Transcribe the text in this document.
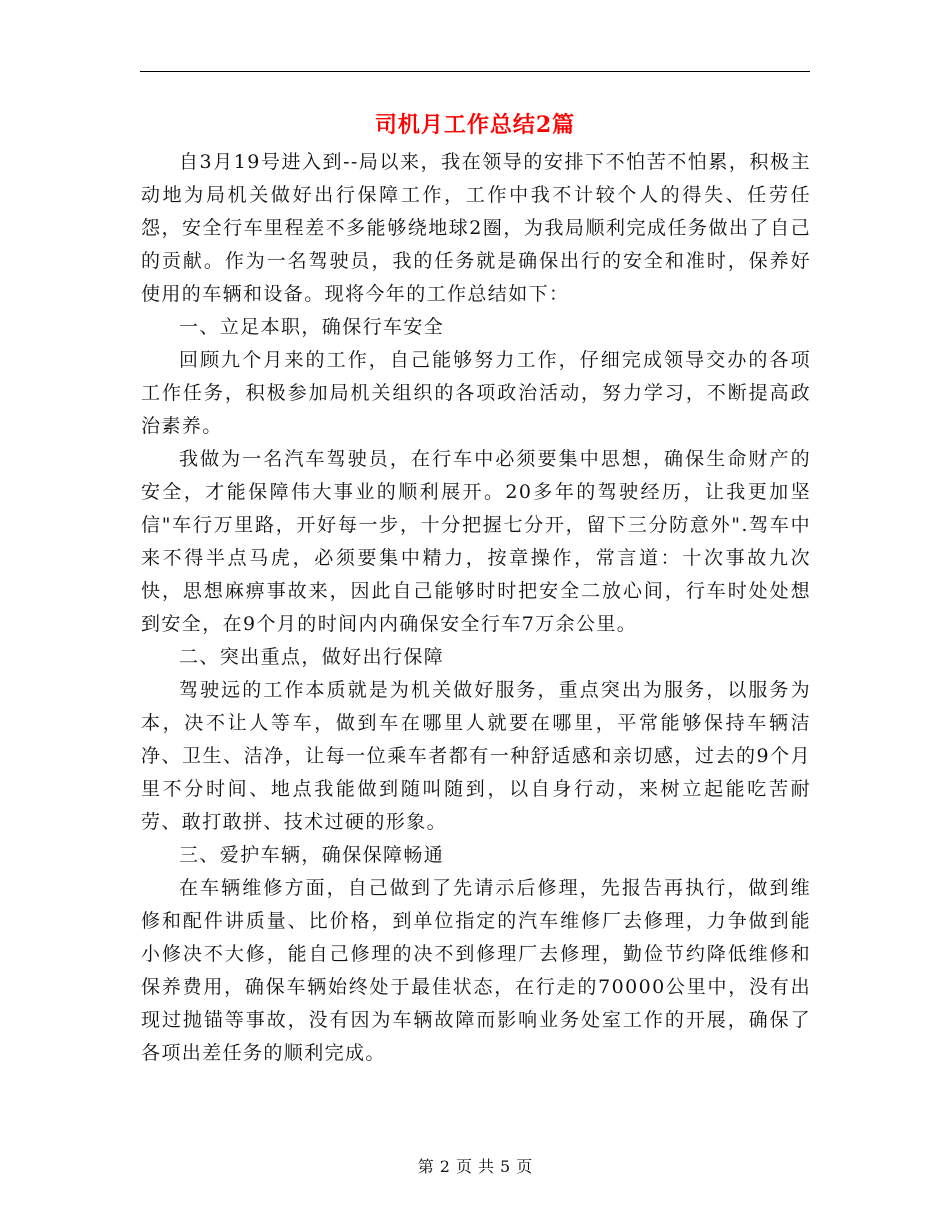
司机月工作总结2篇

自3月19号进入到--局以来，我在领导的安排下不怕苦不怕累，积极主动地为局机关做好出行保障工作，工作中我不计较个人的得失、任劳任怨，安全行车里程差不多能够绕地球2圈，为我局顺利完成任务做出了自己的贡献。作为一名驾驶员，我的任务就是确保出行的安全和准时，保养好使用的车辆和设备。现将今年的工作总结如下：

一、立足本职，确保行车安全

回顾九个月来的工作，自己能够努力工作，仔细完成领导交办的各项工作任务，积极参加局机关组织的各项政治活动，努力学习，不断提高政治素养。

我做为一名汽车驾驶员，在行车中必须要集中思想，确保生命财产的安全，才能保障伟大事业的顺利展开。20多年的驾驶经历，让我更加坚信"车行万里路，开好每一步，十分把握七分开，留下三分防意外".驾车中来不得半点马虎，必须要集中精力，按章操作，常言道：十次事故九次快，思想麻痹事故来，因此自己能够时时把安全二放心间，行车时处处想到安全，在9个月的时间内内确保安全行车7万余公里。

二、突出重点，做好出行保障

驾驶远的工作本质就是为机关做好服务，重点突出为服务，以服务为本，决不让人等车，做到车在哪里人就要在哪里，平常能够保持车辆洁净、卫生、洁净，让每一位乘车者都有一种舒适感和亲切感，过去的9个月里不分时间、地点我能做到随叫随到，以自身行动，来树立起能吃苦耐劳、敢打敢拼、技术过硬的形象。

三、爱护车辆，确保保障畅通

在车辆维修方面，自己做到了先请示后修理，先报告再执行，做到维修和配件讲质量、比价格，到单位指定的汽车维修厂去修理，力争做到能小修决不大修，能自己修理的决不到修理厂去修理，勤俭节约降低维修和保养费用，确保车辆始终处于最佳状态，在行走的70000公里中，没有出现过抛锚等事故，没有因为车辆故障而影响业务处室工作的开展，确保了各项出差任务的顺利完成。

第 2 页 共 5 页
